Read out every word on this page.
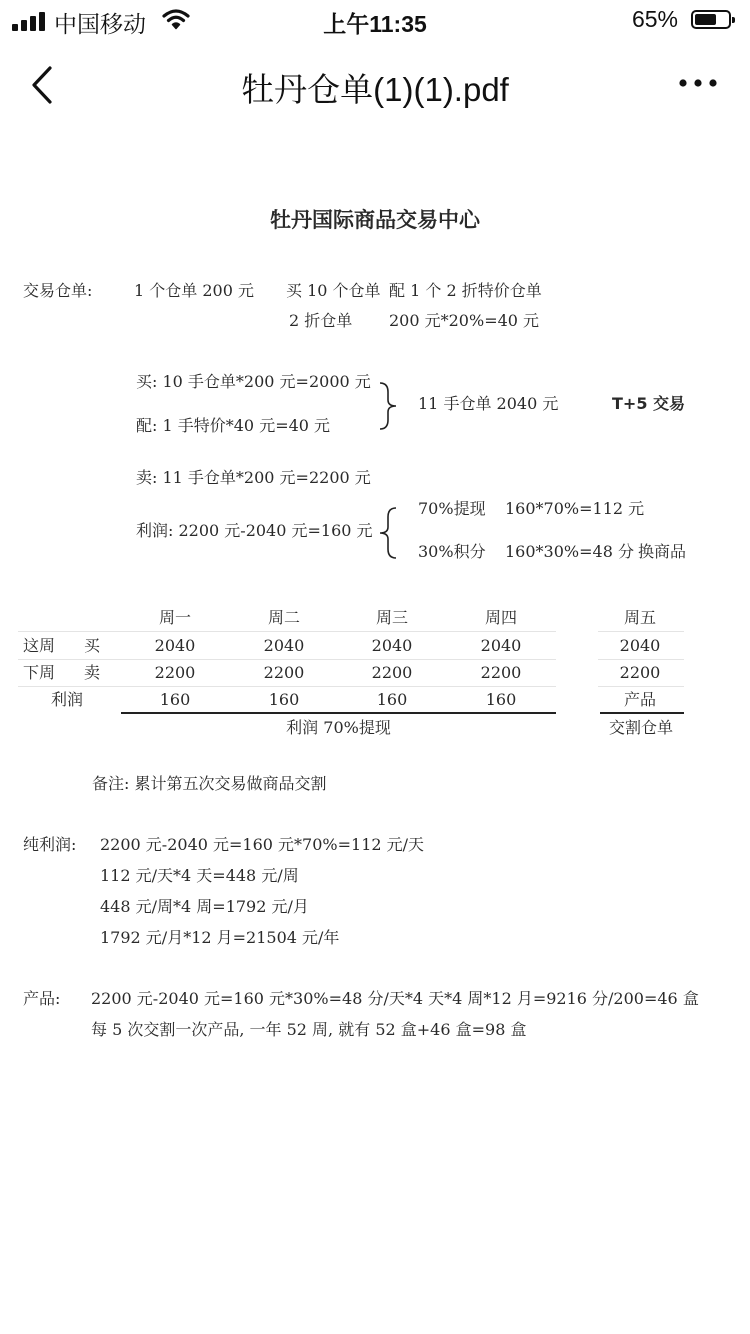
中国移动	上午11:35	65%
牡丹仓单(1)(1).pdf
牡丹国际商品交易中心
交易仓单:	1 个仓单 200 元 买 10 个仓单 配 1 个 2 折特价仓单
2 折仓单 200 元*20%=40 元
买: 10 手仓单*200 元=2000 元
配: 1 手特价*40 元=40 元
11 手仓单 2040 元	T+5 交易
卖: 11 手仓单*200 元=2200 元
利润: 2200 元-2040 元=160 元
70%提现 160*70%=112 元
30%积分 160*30%=48 分 换商品
周一	周二	周三	周四	周五
这周 买	2040	2040	2040	2040	2040
下周 卖	2200	2200	2200	2200	2200
利润	160	160	160	160	产品
利润 70%提现	交割仓单
备注: 累计第五次交易做商品交割
纯利润: 2200 元-2040 元=160 元*70%=112 元/天
112 元/天*4 天=448 元/周
448 元/周*4 周=1792 元/月
1792 元/月*12 月=21504 元/年
产品: 2200 元-2040 元=160 元*30%=48 分/天*4 天*4 周*12 月=9216 分/200=46 盒
每 5 次交割一次产品, 一年 52 周, 就有 52 盒+46 盒=98 盒
